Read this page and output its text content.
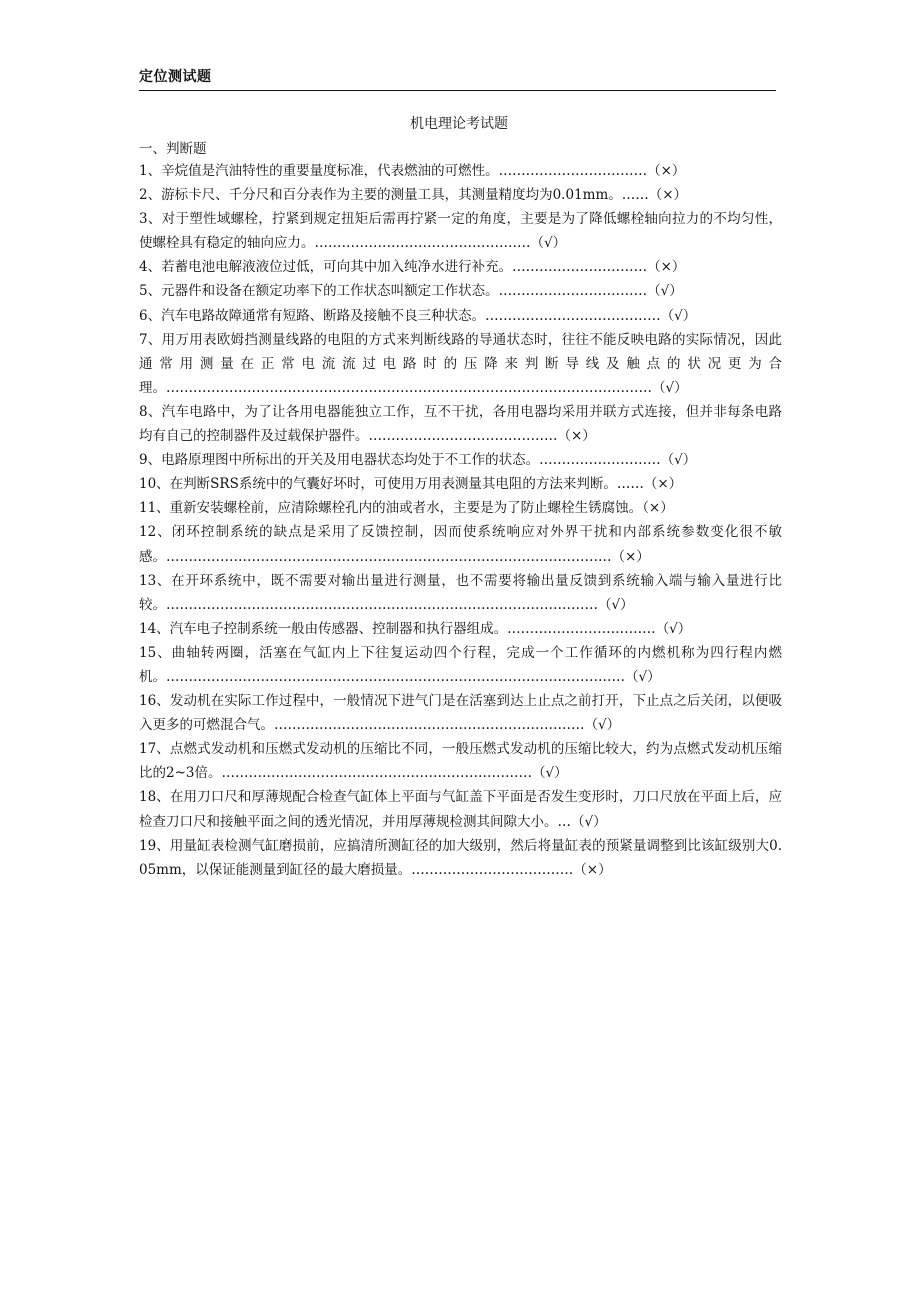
定位测试题
机电理论考试题
一、判断题

1、辛烷值是汽油特性的重要量度标准，代表燃油的可燃性。……………………………（×）

2、游标卡尺、千分尺和百分表作为主要的测量工具，其测量精度均为0.01mm。……（×）

3、对于塑性域螺栓，拧紧到规定扭矩后需再拧紧一定的角度，主要是为了降低螺栓轴向拉力的不均匀性，使螺栓具有稳定的轴向应力。…………………………………………（√）

4、若蓄电池电解液液位过低，可向其中加入纯净水进行补充。…………………………（×）

5、元器件和设备在额定功率下的工作状态叫额定工作状态。……………………………（√）

6、汽车电路故障通常有短路、断路及接触不良三种状态。…………………………………（√）

7、用万用表欧姆挡测量线路的电阻的方式来判断线路的导通状态时，往往不能反映电路的实际情况，因此通常用测量在正常电流流过电路时的压降来判断导线及触点的状况更为合理。………………………………………………………………………………………………（√）

8、汽车电路中，为了让各用电器能独立工作，互不干扰，各用电器均采用并联方式连接，但并非每条电路均有自己的控制器件及过载保护器件。……………………………………（×）

9、电路原理图中所标出的开关及用电器状态均处于不工作的状态。………………………（√）

10、在判断SRS系统中的气囊好坏时，可使用万用表测量其电阻的方法来判断。……（×）

11、重新安装螺栓前，应清除螺栓孔内的油或者水，主要是为了防止螺栓生锈腐蚀。（×）

12、闭环控制系统的缺点是采用了反馈控制，因而使系统响应对外界干扰和内部系统参数变化很不敏感。………………………………………………………………………………………（×）

13、在开环系统中，既不需要对输出量进行测量，也不需要将输出量反馈到系统输入端与输入量进行比较。……………………………………………………………………………………（√）

14、汽车电子控制系统一般由传感器、控制器和执行器组成。……………………………（√）

15、曲轴转两圈，活塞在气缸内上下往复运动四个行程，完成一个工作循环的内燃机称为四行程内燃机。…………………………………………………………………………………………（√）

16、发动机在实际工作过程中，一般情况下进气门是在活塞到达上止点之前打开，下止点之后关闭，以便吸入更多的可燃混合气。……………………………………………………………（√）

17、点燃式发动机和压燃式发动机的压缩比不同，一般压燃式发动机的压缩比较大，约为点燃式发动机压缩比的2~3倍。……………………………………………………………（√）

18、在用刀口尺和厚薄规配合检查气缸体上平面与气缸盖下平面是否发生变形时，刀口尺放在平面上后，应检查刀口尺和接触平面之间的透光情况，并用厚薄规检测其间隙大小。…（√）

19、用量缸表检测气缸磨损前，应搞清所测缸径的加大级别，然后将量缸表的预紧量调整到比该缸级别大0.05mm，以保证能测量到缸径的最大磨损量。………………………………（×）
